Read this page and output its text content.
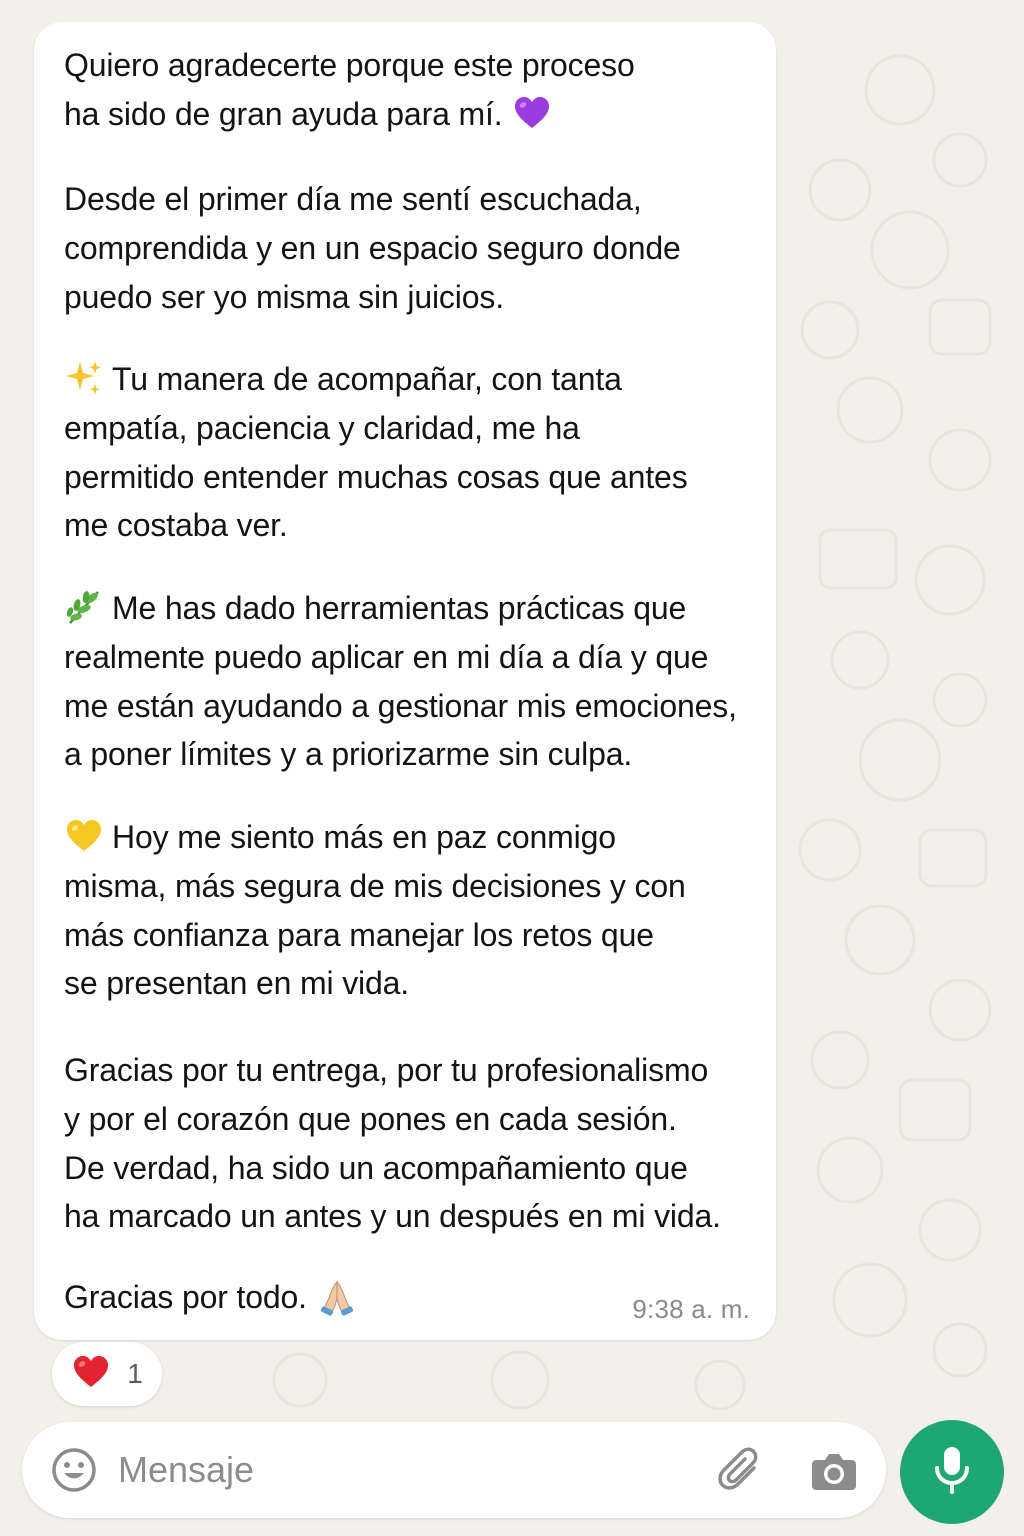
Quiero agradecerte porque este proceso
ha sido de gran ayuda para mí.

Desde el primer día me sentí escuchada,
comprendida y en un espacio seguro donde
puedo ser yo misma sin juicios.

Tu manera de acompañar, con tanta
empatía, paciencia y claridad, me ha
permitido entender muchas cosas que antes
me costaba ver.

Me has dado herramientas prácticas que
realmente puedo aplicar en mi día a día y que
me están ayudando a gestionar mis emociones,
a poner límites y a priorizarme sin culpa.

Hoy me siento más en paz conmigo
misma, más segura de mis decisiones y con
más confianza para manejar los retos que
se presentan en mi vida.

Gracias por tu entrega, por tu profesionalismo
y por el corazón que pones en cada sesión.
De verdad, ha sido un acompañamiento que
ha marcado un antes y un después en mi vida.

Gracias por todo.	9:38 a. m.
1
Mensaje
